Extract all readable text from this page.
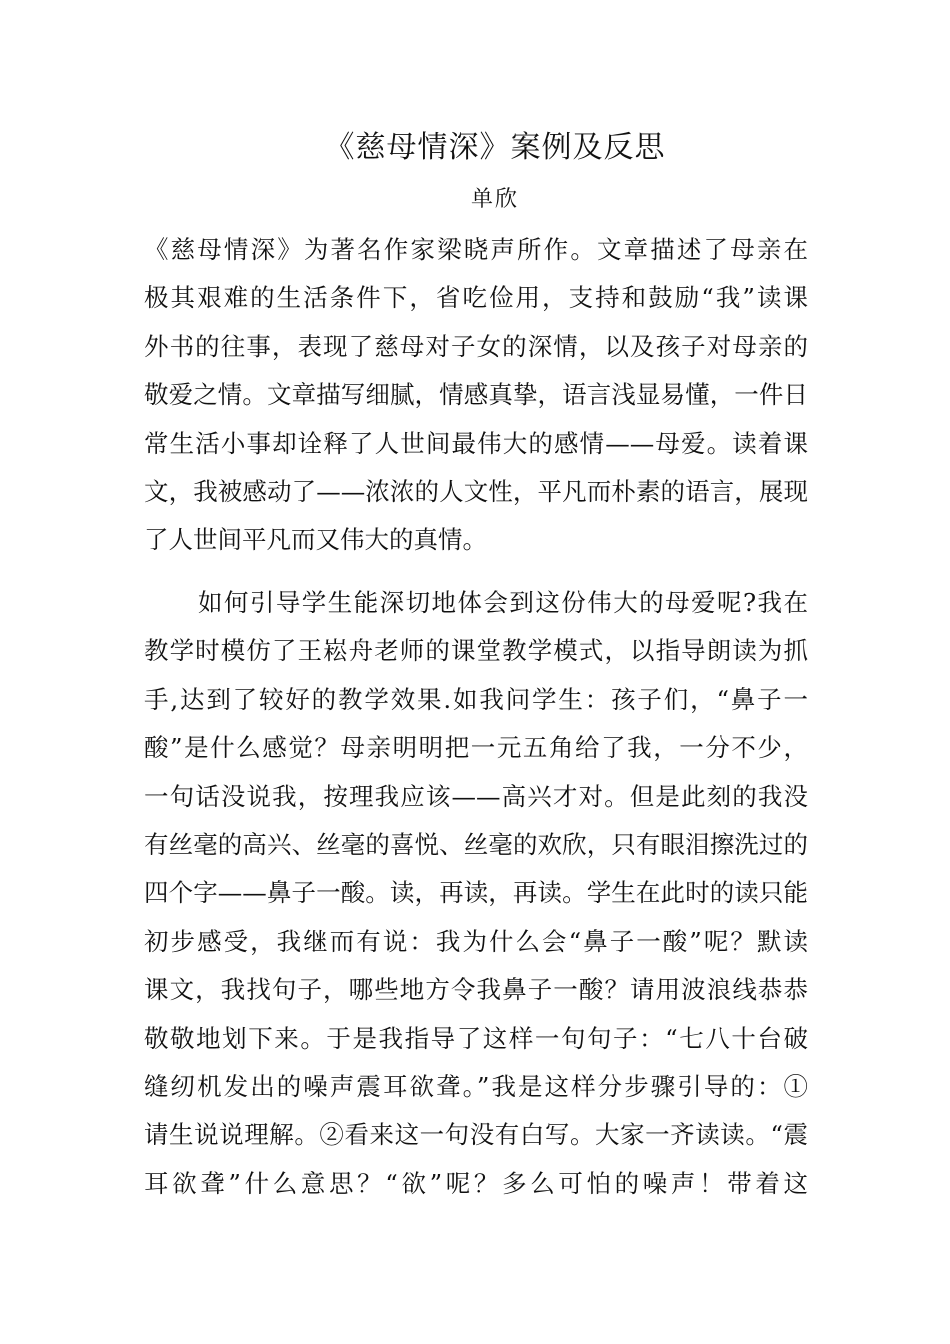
《慈母情深》案例及反思
单欣
《慈母情深》为著名作家梁晓声所作。文章描述了母亲在
极其艰难的生活条件下，省吃俭用，支持和鼓励“我”读课
外书的往事，表现了慈母对子女的深情，以及孩子对母亲的
敬爱之情。文章描写细腻，情感真挚，语言浅显易懂，一件日
常生活小事却诠释了人世间最伟大的感情——母爱。读着课
文，我被感动了——浓浓的人文性，平凡而朴素的语言，展现
了人世间平凡而又伟大的真情。
如何引导学生能深切地体会到这份伟大的母爱呢?我在
教学时模仿了王崧舟老师的课堂教学模式，以指导朗读为抓
手,达到了较好的教学效果.如我问学生：孩子们，“鼻子一
酸”是什么感觉？母亲明明把一元五角给了我，一分不少，
一句话没说我，按理我应该——高兴才对。但是此刻的我没
有丝毫的高兴、丝毫的喜悦、丝毫的欢欣，只有眼泪擦洗过的
四个字——鼻子一酸。读，再读，再读。学生在此时的读只能
初步感受，我继而有说：我为什么会“鼻子一酸”呢？默读
课文，我找句子，哪些地方令我鼻子一酸？请用波浪线恭恭
敬敬地划下来。于是我指导了这样一句句子：“七八十台破
缝纫机发出的噪声震耳欲聋。”我是这样分步骤引导的：①
请生说说理解。②看来这一句没有白写。大家一齐读读。“震
耳欲聋”什么意思？“欲”呢？多么可怕的噪声！带着这
